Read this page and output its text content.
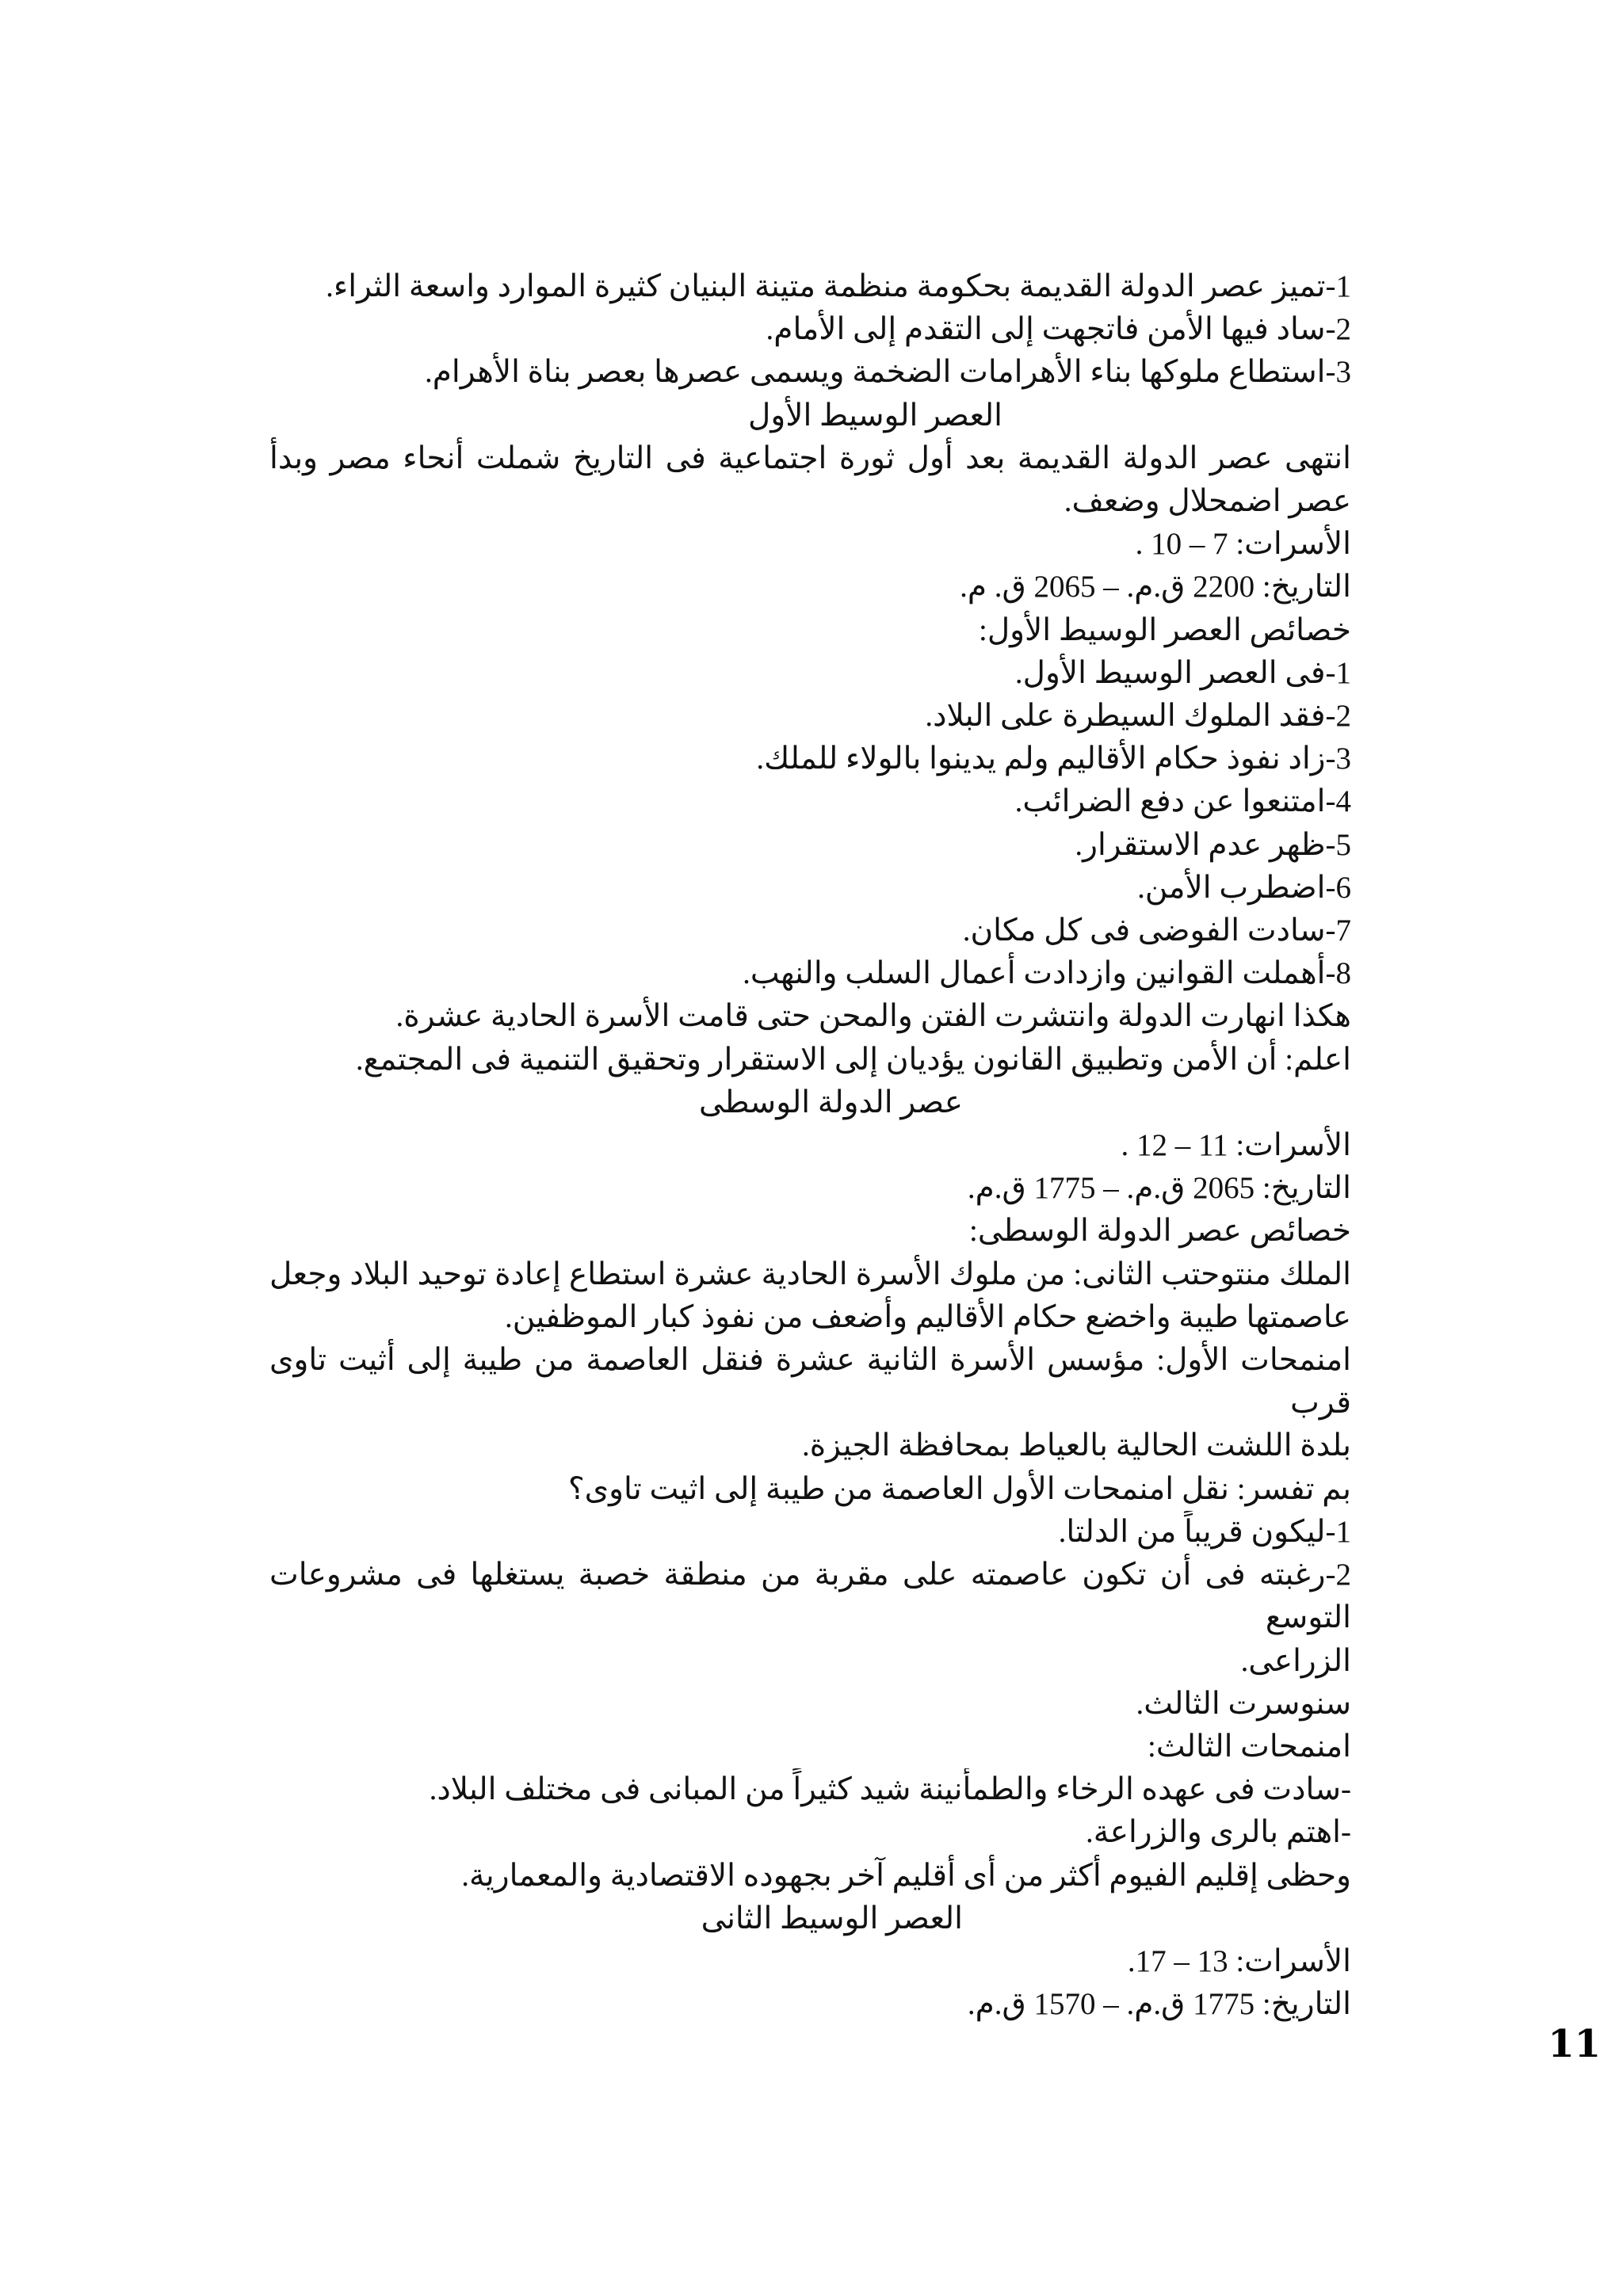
1-تميز عصر الدولة القديمة بحكومة منظمة متينة البنيان كثيرة الموارد واسعة الثراء.
2-ساد فيها الأمن فاتجهت إلى التقدم إلى الأمام.
3-استطاع ملوكها بناء الأهرامات الضخمة ويسمى عصرها بعصر بناة الأهرام.
العصر الوسيط الأول
انتهى عصر الدولة القديمة بعد أول ثورة اجتماعية فى التاريخ شملت أنحاء مصر وبدأ
عصر اضمحلال وضعف.
الأسرات: 7 – 10 .
التاريخ: 2200 ق.م. – 2065 ق. م.
خصائص العصر الوسيط الأول:
1-فى العصر الوسيط الأول.
2-فقد الملوك السيطرة على البلاد.
3-زاد نفوذ حكام الأقاليم ولم يدينوا بالولاء للملك.
4-امتنعوا عن دفع الضرائب.
5-ظهر عدم الاستقرار.
6-اضطرب الأمن.
7-سادت الفوضى فى كل مكان.
8-أهملت القوانين وازدادت أعمال السلب والنهب.
هكذا انهارت الدولة وانتشرت الفتن والمحن حتى قامت الأسرة الحادية عشرة.
اعلم: أن الأمن وتطبيق القانون يؤديان إلى الاستقرار وتحقيق التنمية فى المجتمع.
عصر الدولة الوسطى
الأسرات: 11 – 12 .
التاريخ: 2065 ق.م. – 1775 ق.م.
خصائص عصر الدولة الوسطى:
الملك منتوحتب الثانى: من ملوك الأسرة الحادية عشرة استطاع إعادة توحيد البلاد وجعل
عاصمتها طيبة واخضع حكام الأقاليم وأضعف من نفوذ كبار الموظفين.
امنمحات الأول: مؤسس الأسرة الثانية عشرة فنقل العاصمة من طيبة إلى أثيت تاوى قرب
بلدة اللشت الحالية بالعياط بمحافظة الجيزة.
بم تفسر: نقل امنمحات الأول العاصمة من طيبة إلى اثيت تاوى؟
1-ليكون قريباً من الدلتا.
2-رغبته فى أن تكون عاصمته على مقربة من منطقة خصبة يستغلها فى مشروعات التوسع
الزراعى.
سنوسرت الثالث.
امنمحات الثالث:
-سادت فى عهده الرخاء والطمأنينة شيد كثيراً من المبانى فى مختلف البلاد.
-اهتم بالرى والزراعة.
وحظى إقليم الفيوم أكثر من أى أقليم آخر بجهوده الاقتصادية والمعمارية.
العصر الوسيط الثانى
الأسرات: 13 – 17.
التاريخ: 1775 ق.م. – 1570 ق.م.
11
